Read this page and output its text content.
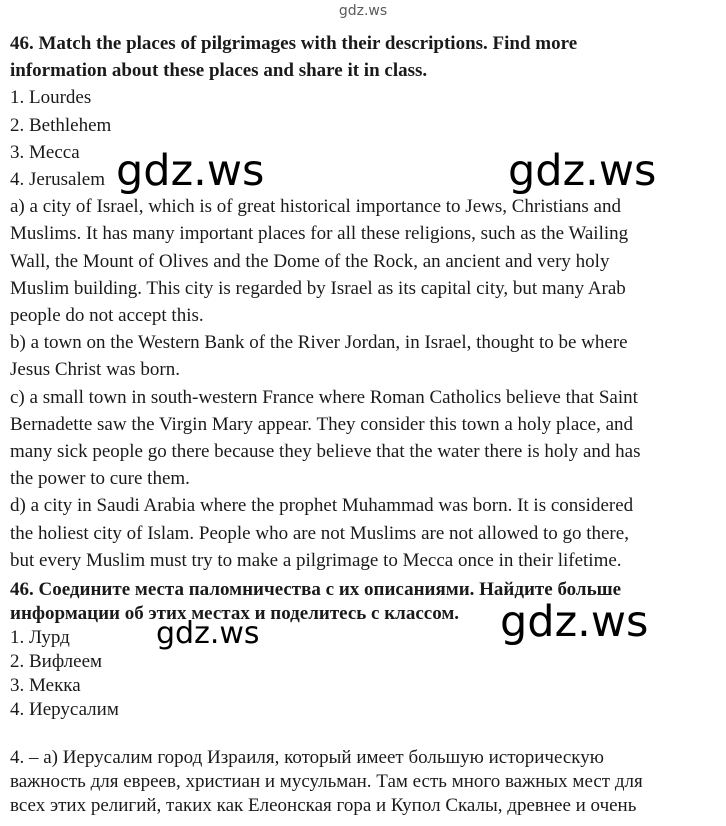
gdz.ws
46. Match the places of pilgrimages with their descriptions. Find more
information about these places and share it in class.
1. Lourdes
2. Bethlehem
3. Mecca
4. Jerusalem
a) a city of Israel, which is of great historical importance to Jews, Christians and
Muslims. It has many important places for all these religions, such as the Wailing
Wall, the Mount of Olives and the Dome of the Rock, an ancient and very holy
Muslim building. This city is regarded by Israel as its capital city, but many Arab
people do not accept this.
b) a town on the Western Bank of the River Jordan, in Israel, thought to be where
Jesus Christ was born.
c) a small town in south-western France where Roman Catholics believe that Saint
Bernadette saw the Virgin Mary appear. They consider this town a holy place, and
many sick people go there because they believe that the water there is holy and has
the power to cure them.
d) a city in Saudi Arabia where the prophet Muhammad was born. It is considered
the holiest city of Islam. People who are not Muslims are not allowed to go there,
but every Muslim must try to make a pilgrimage to Mecca once in their lifetime.
46. Соедините места паломничества с их описаниями. Найдите больше
информации об этих местах и поделитесь с классом.
1. Лурд
2. Вифлеем
3. Мекка
4. Иерусалим
4. – а) Иерусалим город Израиля, который имеет большую историческую
важность для евреев, христиан и мусульман. Там есть много важных мест для
всех этих религий, таких как Елеонская гора и Купол Скалы, древнее и очень
gdz.ws	gdz.ws
gdz.ws	gdz.ws
